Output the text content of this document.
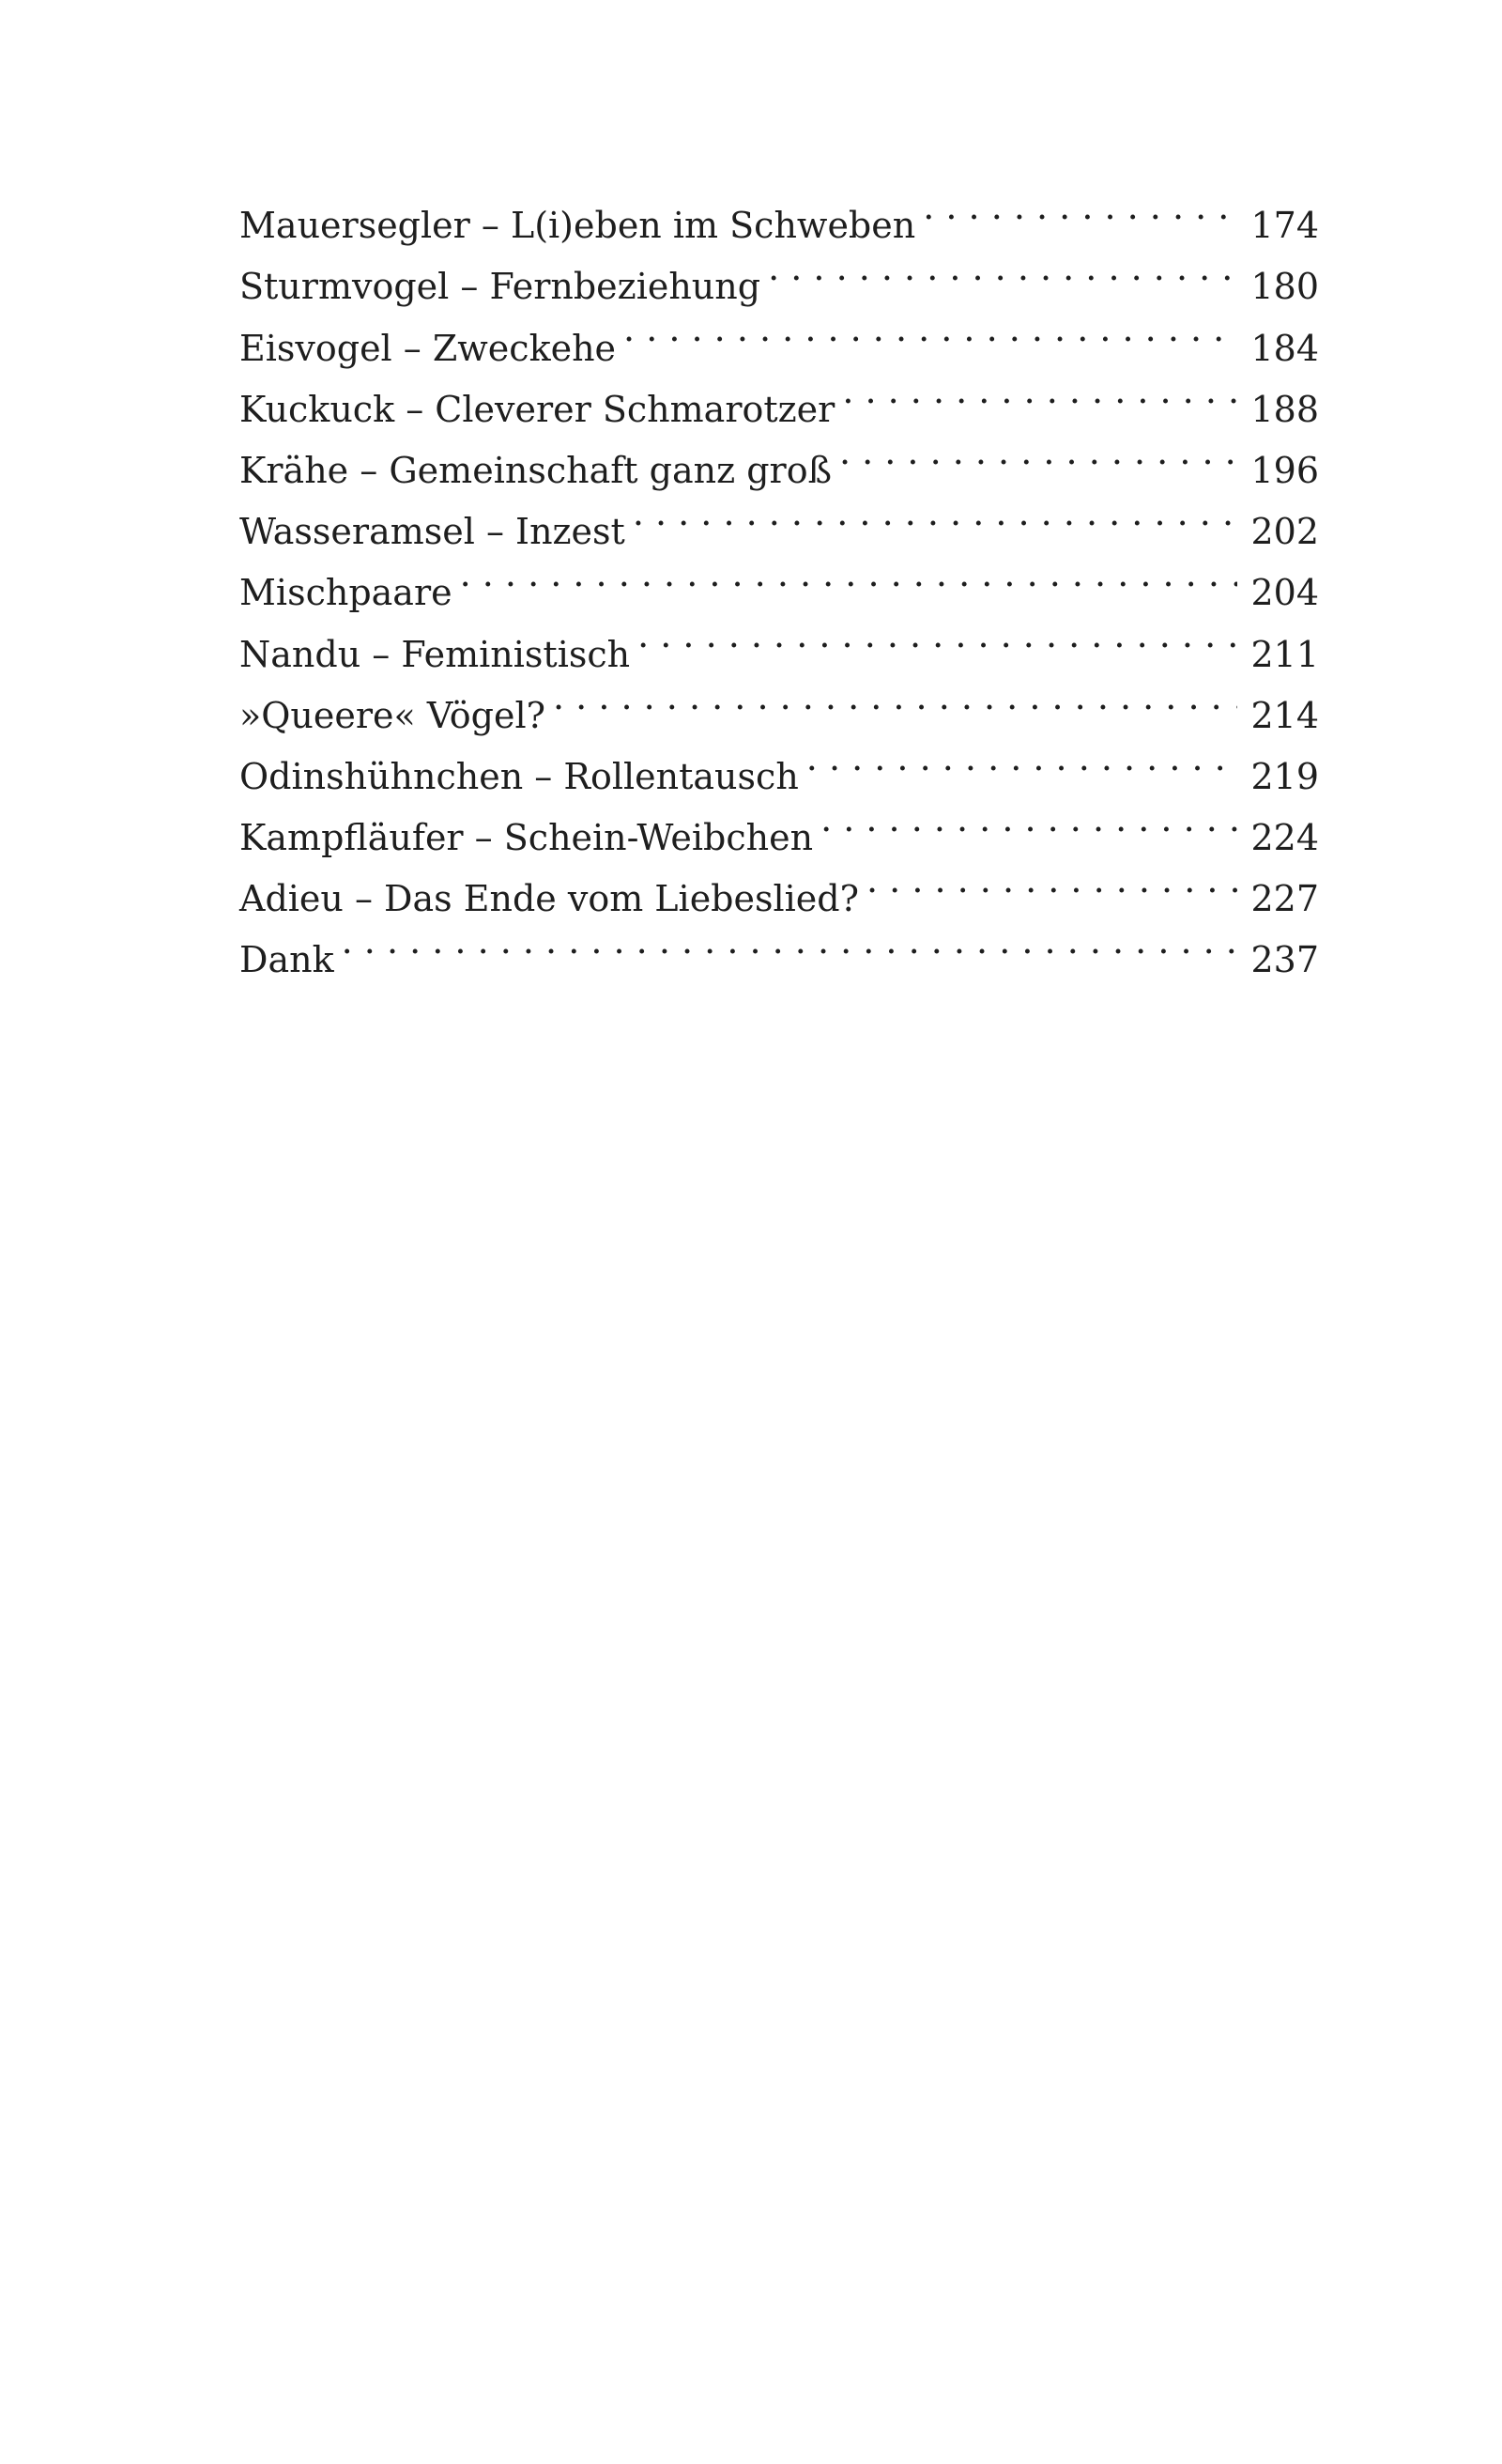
Mauersegler – L(i)eben im Schweben . . .	174
Sturmvogel – Fernbeziehung . . .	180
Eisvogel – Zweckehe . . .	184
Kuckuck – Cleverer Schmarotzer . . .	188
Krähe – Gemeinschaft ganz groß . . .	196
Wasseramsel – Inzest . . .	202
Mischpaare . . .	204
Nandu – Feministisch . . .	211
»Queere« Vögel? . . .	214
Odinshühnchen – Rollentausch . . .	219
Kampfläufer – Schein-Weibchen . . .	224
Adieu – Das Ende vom Liebeslied? . . .	227
Dank . . .	237
